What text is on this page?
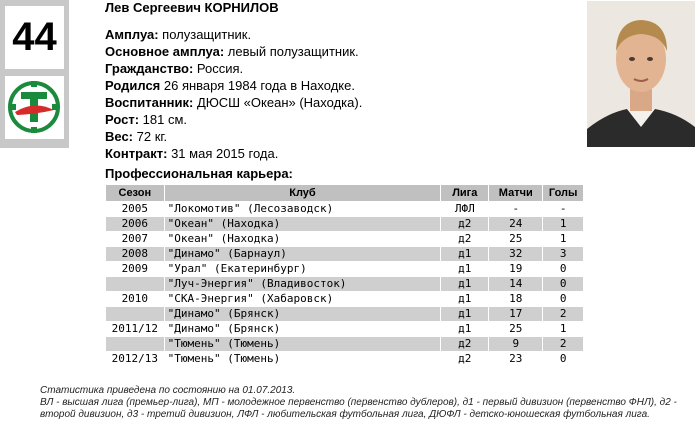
44
Лев Сергеевич КОРНИЛОВ
Амплуа: полузащитник.
Основное амплуа: левый полузащитник.
Гражданство: Россия.
Родился 26 января 1984 года в Находке.
Воспитанник: ДЮСШ «Океан» (Находка).
Рост: 181 см.
Вес: 72 кг.
Контракт: 31 мая 2015 года.
Профессиональная карьера:
Сезон	Клуб	Лига	Матчи	Голы
2005	"Локомотив" (Лесозаводск)	ЛФЛ	-	-
2006	"Океан" (Находка)	д2	24	1
2007	"Океан" (Находка)	д2	25	1
2008	"Динамо" (Барнаул)	д1	32	3
2009	"Урал" (Екатеринбург)	д1	19	0
	"Луч-Энергия" (Владивосток)	д1	14	0
2010	"СКА-Энергия" (Хабаровск)	д1	18	0
	"Динамо" (Брянск)	д1	17	2
2011/12	"Динамо" (Брянск)	д1	25	1
	"Тюмень" (Тюмень)	д2	9	2
2012/13	"Тюмень" (Тюмень)	д2	23	0
Статистика приведена по состоянию на 01.07.2013.
ВЛ - высшая лига (премьер-лига), МП - молодежное первенство (первенство дублеров), д1 - первый дивизион (первенство ФНЛ), д2 - второй дивизион, д3 - третий дивизион, ЛФЛ - любительская футбольная лига, ДЮФЛ - детско-юношеская футбольная лига.
